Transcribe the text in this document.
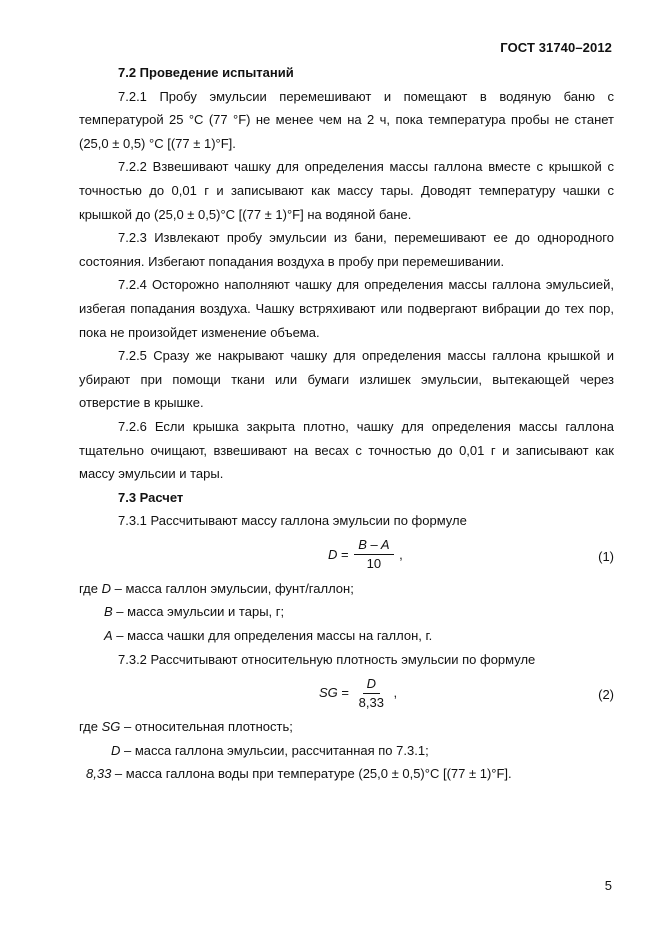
ГОСТ 31740–2012

7.2 Проведение испытаний

7.2.1 Пробу эмульсии перемешивают и помещают в водяную баню с температурой 25 °С (77 °F) не менее чем на 2 ч, пока температура пробы не станет (25,0 ± 0,5) °С [(77 ± 1)°F].

7.2.2 Взвешивают чашку для определения массы галлона вместе с крышкой с точностью до 0,01 г и записывают как массу тары. Доводят температуру чашки с крышкой до (25,0 ± 0,5)°С [(77 ± 1)°F] на водяной бане.

7.2.3 Извлекают пробу эмульсии из бани, перемешивают ее до однородного состояния. Избегают попадания воздуха в пробу при перемешивании.

7.2.4 Осторожно наполняют чашку для определения массы галлона эмульсией, избегая попадания воздуха. Чашку встряхивают или подвергают вибрации до тех пор, пока не произойдет изменение объема.

7.2.5 Сразу же накрывают чашку для определения массы галлона крышкой и убирают при помощи ткани или бумаги излишек эмульсии, вытекающей через отверстие в крышке.

7.2.6 Если крышка закрыта плотно, чашку для определения массы галлона тщательно очищают, взвешивают на весах с точностью до 0,01 г и записывают как массу эмульсии и тары.

7.3 Расчет

7.3.1 Рассчитывают массу галлона эмульсии по формуле

$D = \frac{B - A}{10}$ ,	(1)

где D – масса галлон эмульсии, фунт/галлон;

B – масса эмульсии и тары, г;

A – масса чашки для определения массы на галлон, г.

7.3.2 Рассчитывают относительную плотность эмульсии по формуле

SG = $\frac{D}{8,33}$ ,	(2)

где SG – относительная плотность;

D – масса галлона эмульсии, рассчитанная по 7.3.1;

8,33 – масса галлона воды при температуре (25,0 ± 0,5)°С [(77 ± 1)°F].

5
